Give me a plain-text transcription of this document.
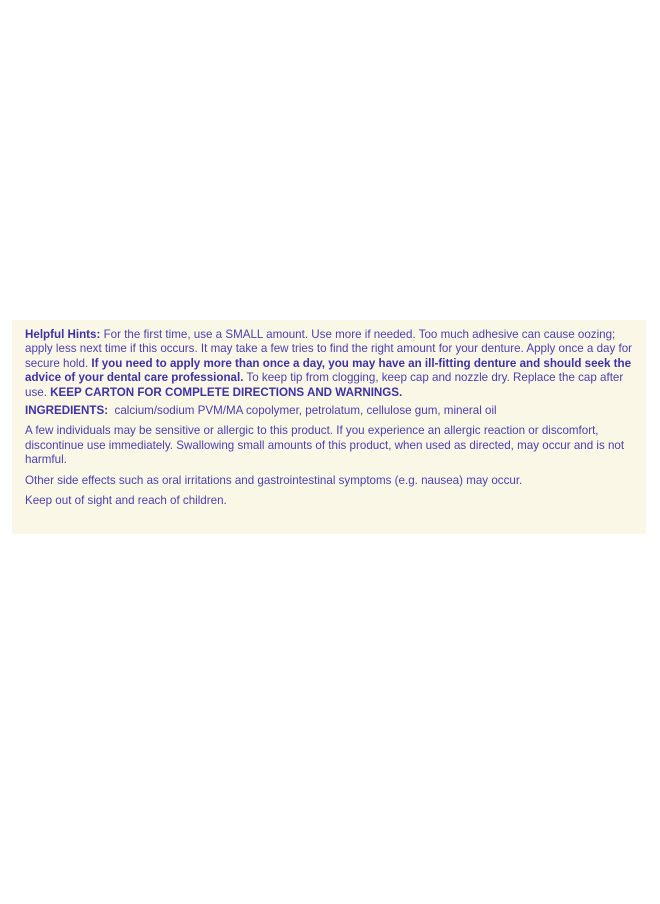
Helpful Hints: For the first time, use a SMALL amount. Use more if needed. Too much adhesive can cause oozing; apply less next time if this occurs. It may take a few tries to find the right amount for your denture. Apply once a day for secure hold. If you need to apply more than once a day, you may have an ill-fitting denture and should seek the advice of your dental care professional. To keep tip from clogging, keep cap and nozzle dry. Replace the cap after use. KEEP CARTON FOR COMPLETE DIRECTIONS AND WARNINGS.

INGREDIENTS:  calcium/sodium PVM/MA copolymer, petrolatum, cellulose gum, mineral oil

A few individuals may be sensitive or allergic to this product. If you experience an allergic reaction or discomfort, discontinue use immediately. Swallowing small amounts of this product, when used as directed, may occur and is not harmful.

Other side effects such as oral irritations and gastrointestinal symptoms (e.g. nausea) may occur.

Keep out of sight and reach of children.
